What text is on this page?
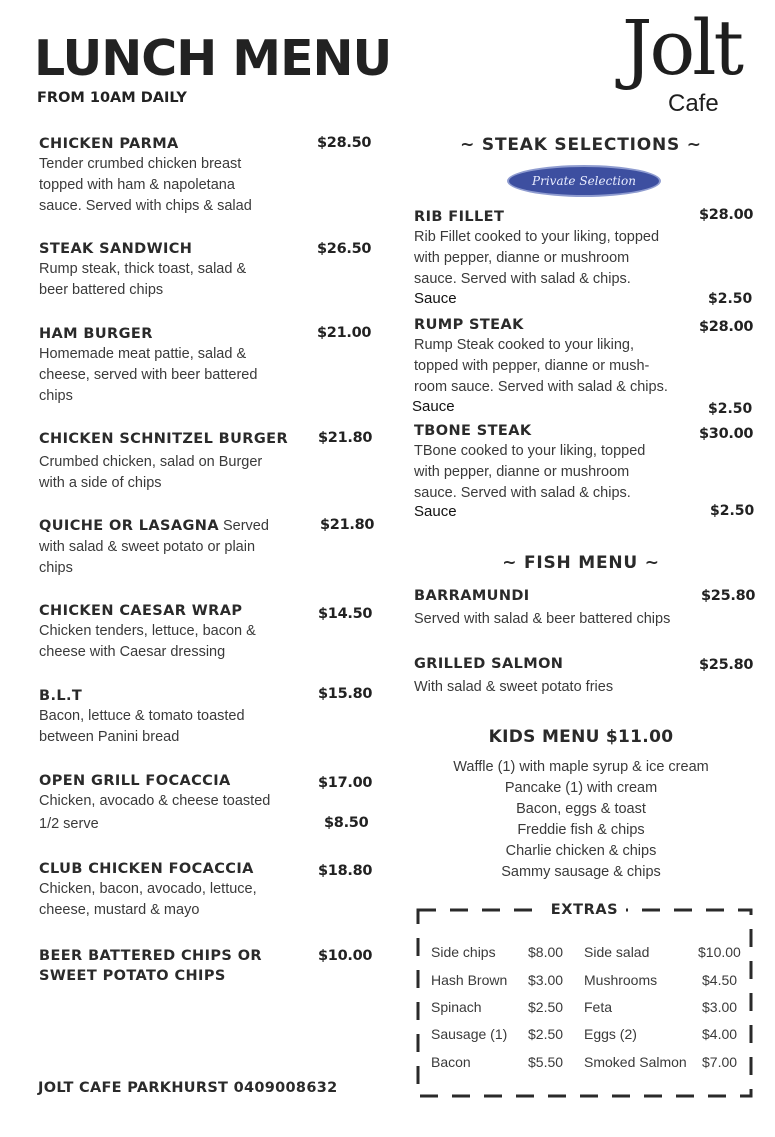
LUNCH MENU
FROM 10AM DAILY
Jolt
Cafe
CHICKEN PARMA
Tender crumbed chicken breast
topped with ham & napoletana
sauce. Served with chips & salad
$28.50
STEAK SANDWICH
Rump steak, thick toast, salad &
beer battered chips
$26.50
HAM BURGER
Homemade meat pattie, salad &
cheese, served with beer battered
chips
$21.00
CHICKEN SCHNITZEL BURGER
Crumbed chicken, salad on Burger
with a side of chips
$21.80
QUICHE OR LASAGNA Served
with salad & sweet potato or plain
chips
$21.80
CHICKEN CAESAR WRAP
Chicken tenders, lettuce, bacon &
cheese with Caesar dressing
$14.50
B.L.T
Bacon, lettuce & tomato toasted
between Panini bread
$15.80
OPEN GRILL FOCACCIA
Chicken, avocado & cheese toasted
1/2 serve
$17.00
$8.50
CLUB CHICKEN FOCACCIA
Chicken, bacon, avocado, lettuce,
cheese, mustard & mayo
$18.80
BEER BATTERED CHIPS OR
SWEET POTATO CHIPS
$10.00
~ STEAK SELECTIONS ~
Private Selection
RIB FILLET
Rib Fillet cooked to your liking, topped
with pepper, dianne or mushroom
sauce. Served with salad & chips.
$28.00
Sauce	$2.50
RUMP STEAK
Rump Steak cooked to your liking,
topped with pepper, dianne or mush-
room sauce. Served with salad & chips.
$28.00
Sauce	$2.50
TBONE STEAK
TBone cooked to your liking, topped
with pepper, dianne or mushroom
sauce. Served with salad & chips.
$30.00
Sauce	$2.50
~ FISH MENU ~
BARRAMUNDI
Served with salad & beer battered chips
$25.80
GRILLED SALMON
With salad & sweet potato fries
$25.80
KIDS MENU $11.00
Waffle (1) with maple syrup & ice cream
Pancake (1) with cream
Bacon, eggs & toast
Freddie fish & chips
Charlie chicken & chips
Sammy sausage & chips
EXTRAS
Side chips $8.00 Side salad	$10.00
Hash Brown $3.00 Mushrooms	$4.50
Spinach	$2.50 Feta	$3.00
Sausage (1) $2.50 Eggs (2)	$4.00
Bacon	$5.50 Smoked Salmon $7.00
JOLT CAFE PARKHURST 0409008632
